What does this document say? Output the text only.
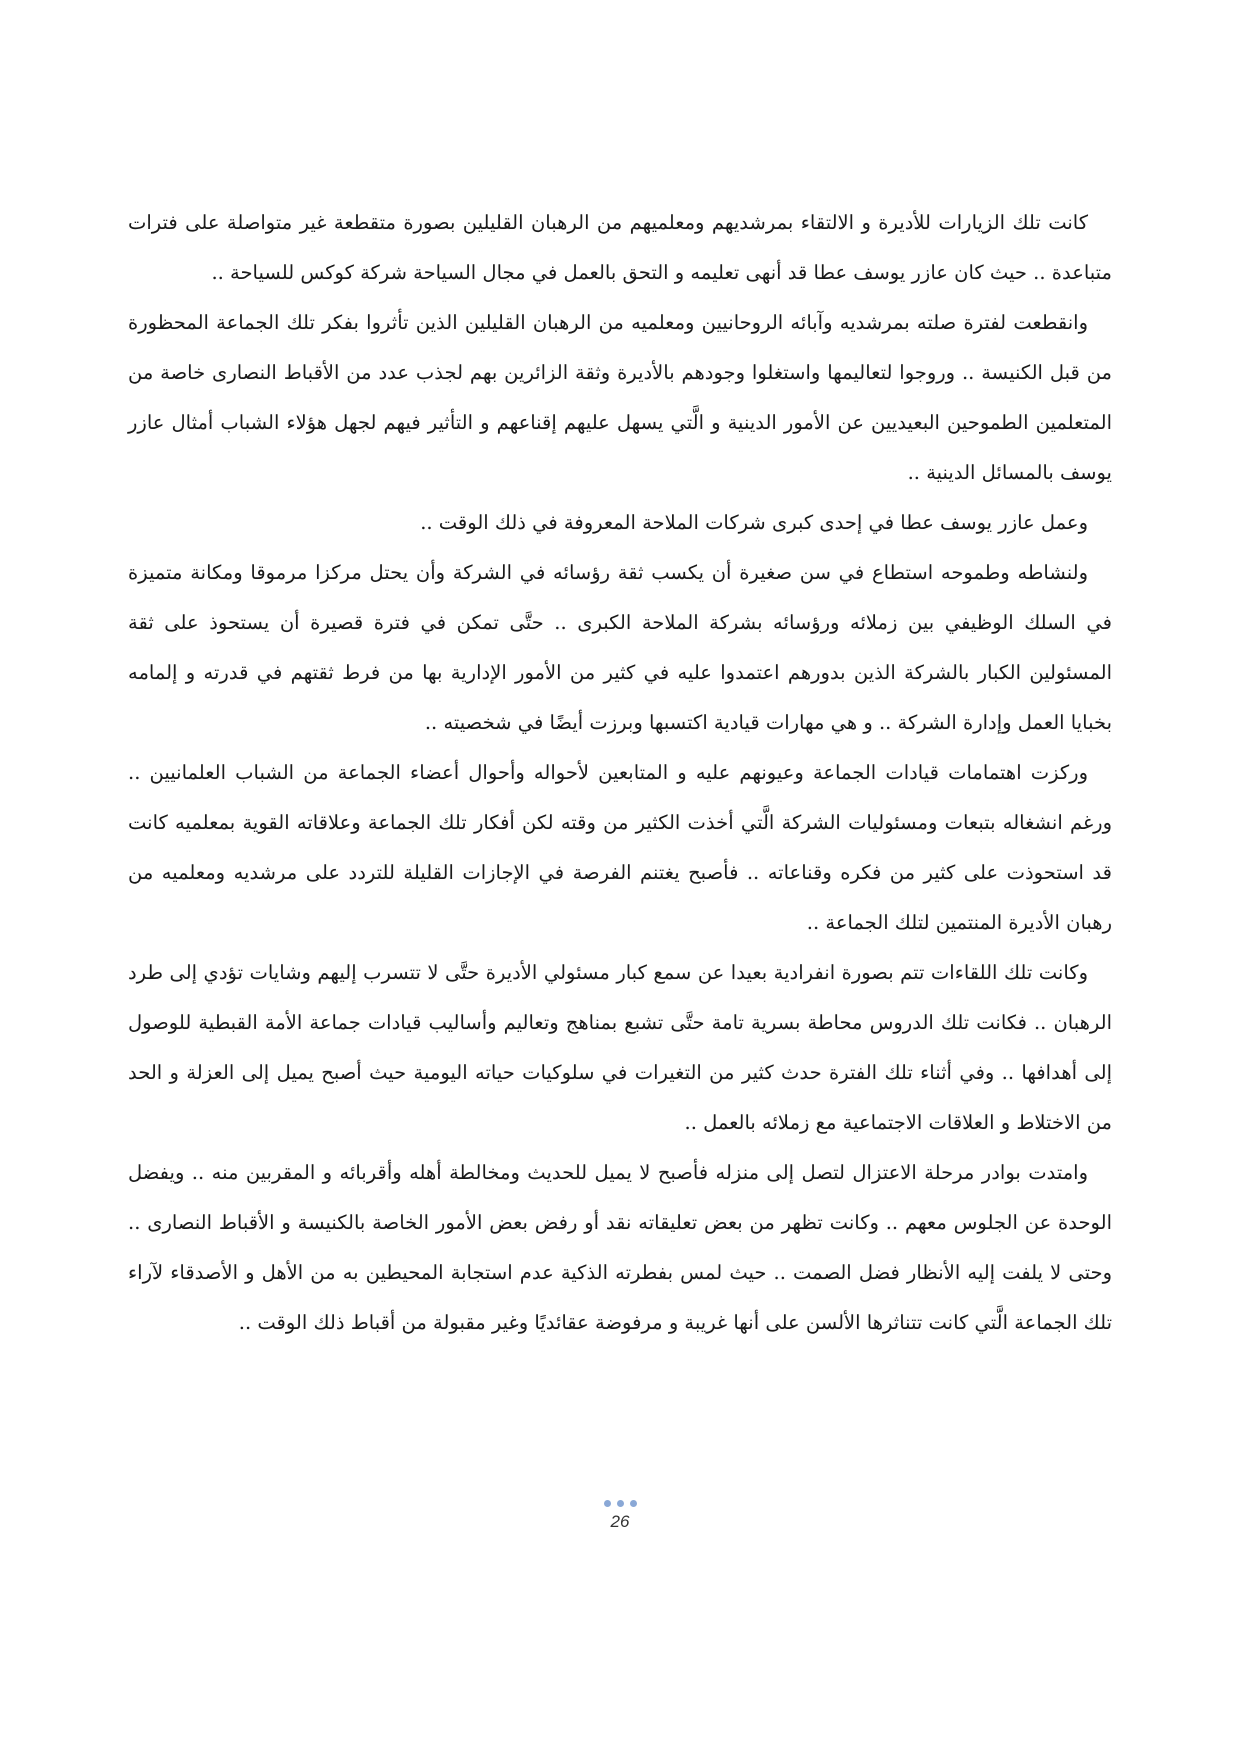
كانت تلك الزيارات للأديرة و الالتقاء بمرشديهم ومعلميهم من الرهبان القليلين بصورة متقطعة غير متواصلة على فترات متباعدة .. حيث كان عازر يوسف عطا قد أنهى تعليمه و التحق بالعمل في مجال السياحة شركة كوكس للسياحة ..

وانقطعت لفترة صلته بمرشديه وآبائه الروحانيين ومعلميه من الرهبان القليلين الذين تأثروا بفكر تلك الجماعة المحظورة من قبل الكنيسة .. وروجوا لتعاليمها واستغلوا وجودهم بالأديرة وثقة الزائرين بهم لجذب عدد من الأقباط النصارى خاصة من المتعلمين الطموحين البعيديين عن الأمور الدينية و الَّتي يسهل عليهم إقناعهم و التأثير فيهم لجهل هؤلاء الشباب أمثال عازر يوسف بالمسائل الدينية ..

وعمل عازر يوسف عطا في إحدى كبرى شركات الملاحة المعروفة في ذلك الوقت ..

ولنشاطه وطموحه استطاع في سن صغيرة أن يكسب ثقة رؤسائه في الشركة وأن يحتل مركزا مرموقا ومكانة متميزة في السلك الوظيفي بين زملائه ورؤسائه بشركة الملاحة الكبرى .. حتَّى تمكن في فترة قصيرة أن يستحوذ على ثقة المسئولين الكبار بالشركة الذين بدورهم اعتمدوا عليه في كثير من الأمور الإدارية بها من فرط ثقتهم في قدرته و إلمامه بخبايا العمل وإدارة الشركة .. و هي مهارات قيادية اكتسبها وبرزت أيضًا في شخصيته ..

وركزت اهتمامات قيادات الجماعة وعيونهم عليه و المتابعين لأحواله وأحوال أعضاء الجماعة من الشباب العلمانيين .. ورغم انشغاله بتبعات ومسئوليات الشركة الَّتي أخذت الكثير من وقته لكن أفكار تلك الجماعة وعلاقاته القوية بمعلميه كانت قد استحوذت على كثير من فكره وقناعاته .. فأصبح يغتنم الفرصة في الإجازات القليلة للتردد على مرشديه ومعلميه من رهبان الأديرة المنتمين لتلك الجماعة ..

وكانت تلك اللقاءات تتم بصورة انفرادية بعيدا عن سمع كبار مسئولي الأديرة حتَّى لا تتسرب إليهم وشايات تؤدي إلى طرد الرهبان .. فكانت تلك الدروس محاطة بسرية تامة حتَّى تشبع بمناهج وتعاليم وأساليب قيادات جماعة الأمة القبطية للوصول إلى أهدافها .. وفي أثناء تلك الفترة حدث كثير من التغيرات في سلوكيات حياته اليومية حيث أصبح يميل إلى العزلة و الحد من الاختلاط و العلاقات الاجتماعية مع زملائه بالعمل ..

وامتدت بوادر مرحلة الاعتزال لتصل إلى منزله فأصبح لا يميل للحديث ومخالطة أهله وأقربائه و المقربين منه .. ويفضل الوحدة عن الجلوس معهم .. وكانت تظهر من بعض تعليقاته نقد أو رفض بعض الأمور الخاصة بالكنيسة و الأقباط النصارى .. وحتى لا يلفت إليه الأنظار فضل الصمت .. حيث لمس بفطرته الذكية عدم استجابة المحيطين به من الأهل و الأصدقاء لآراء تلك الجماعة الَّتي كانت تتناثرها الألسن على أنها غريبة و مرفوضة عقائديًا وغير مقبولة من أقباط ذلك الوقت ..

26
